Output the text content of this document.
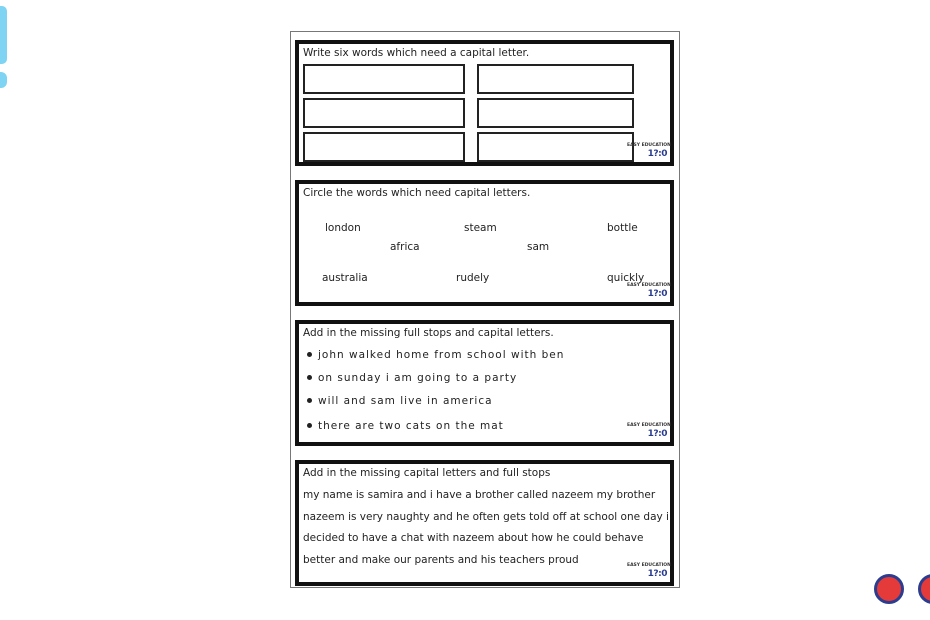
Write six words which need a capital letter.
EASY EDUCATION
1?:0
Circle the words which need capital letters.
london	steam	bottle
africa	sam
australia	rudely	quickly
EASY EDUCATION
1?:0
Add in the missing full stops and capital letters.
john walked home from school with ben
on sunday i am going to a party
will and sam live in america
there are two cats on the mat	EASY EDUCATION
1?:0
Add in the missing capital letters and full stops
my name is samira and i have a brother called nazeem my brother
nazeem is very naughty and he often gets told off at school one day i
decided to have a chat with nazeem about how he could behave
better and make our parents and his teachers proud	EASY EDUCATION
1?:0
